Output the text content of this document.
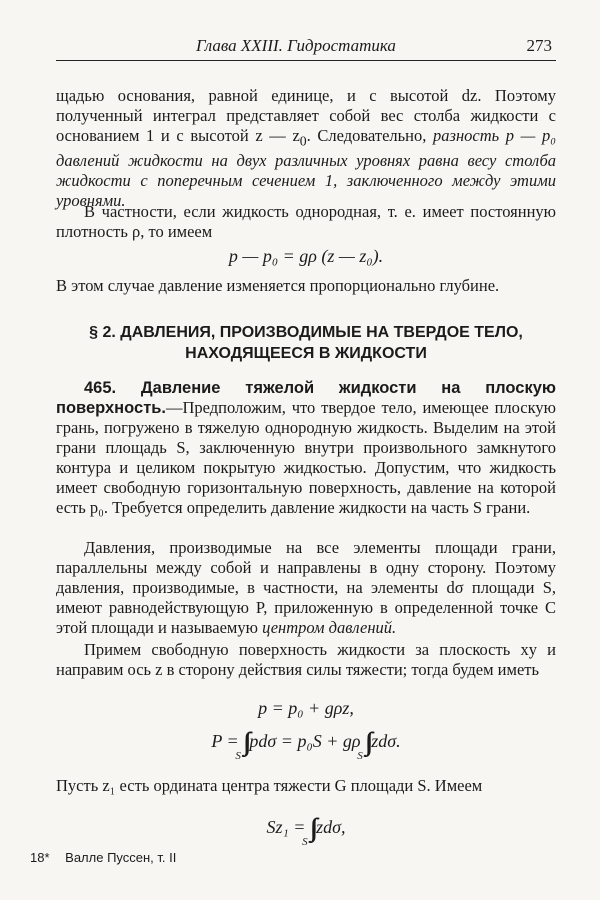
Глава XXIII. Гидростатика	273
щадью основания, равной единице, и с высотой dz. Поэтому полученный интеграл представляет собой вес столба жидкости с основанием 1 и с высотой z — $z_0$. Следовательно, разность p — p₀ давлений жидкости на двух различных уровнях равна весу столба жидкости с поперечным сечением 1, заключенного между этими уровнями.
В частности, если жидкость однородная, т. е. имеет постоянную плотность ρ, то имеем
p — p₀ = gρ (z — z₀).
В этом случае давление изменяется пропорционально глубине.
§ 2. ДАВЛЕНИЯ, ПРОИЗВОДИМЫЕ НА ТВЕРДОЕ ТЕЛО,
НАХОДЯЩЕЕСЯ В ЖИДКОСТИ
465. Давление тяжелой жидкости на плоскую поверхность.—Предположим, что твердое тело, имеющее плоскую грань, погружено в тяжелую однородную жидкость. Выделим на этой грани площадь S, заключенную внутри произвольного замкнутого контура и целиком покрытую жидкостью. Допустим, что жидкость имеет свободную горизонтальную поверхность, давление на которой есть p₀. Требуется определить давление жидкости на часть S грани.
Давления, производимые на все элементы площади грани, параллельны между собой и направлены в одну сторону. Поэтому давления, производимые, в частности, на элементы dσ площади S, имеют равнодействующую P, приложенную в определенной точке C этой площади и называемую центром давлений.
Примем свободную поверхность жидкости за плоскость xy и направим ось z в сторону действия силы тяжести; тогда будем иметь
p = p₀ + gρz,
$P = \int\int_S$ pdσ = p₀S + gρ $\int\int_S$ zdσ.
Пусть z₁ есть ордината центра тяжести G площади S. Имеем
$Sz_1 = \int\int_S$ zdσ,
18* Валле Пуссен, т. II
